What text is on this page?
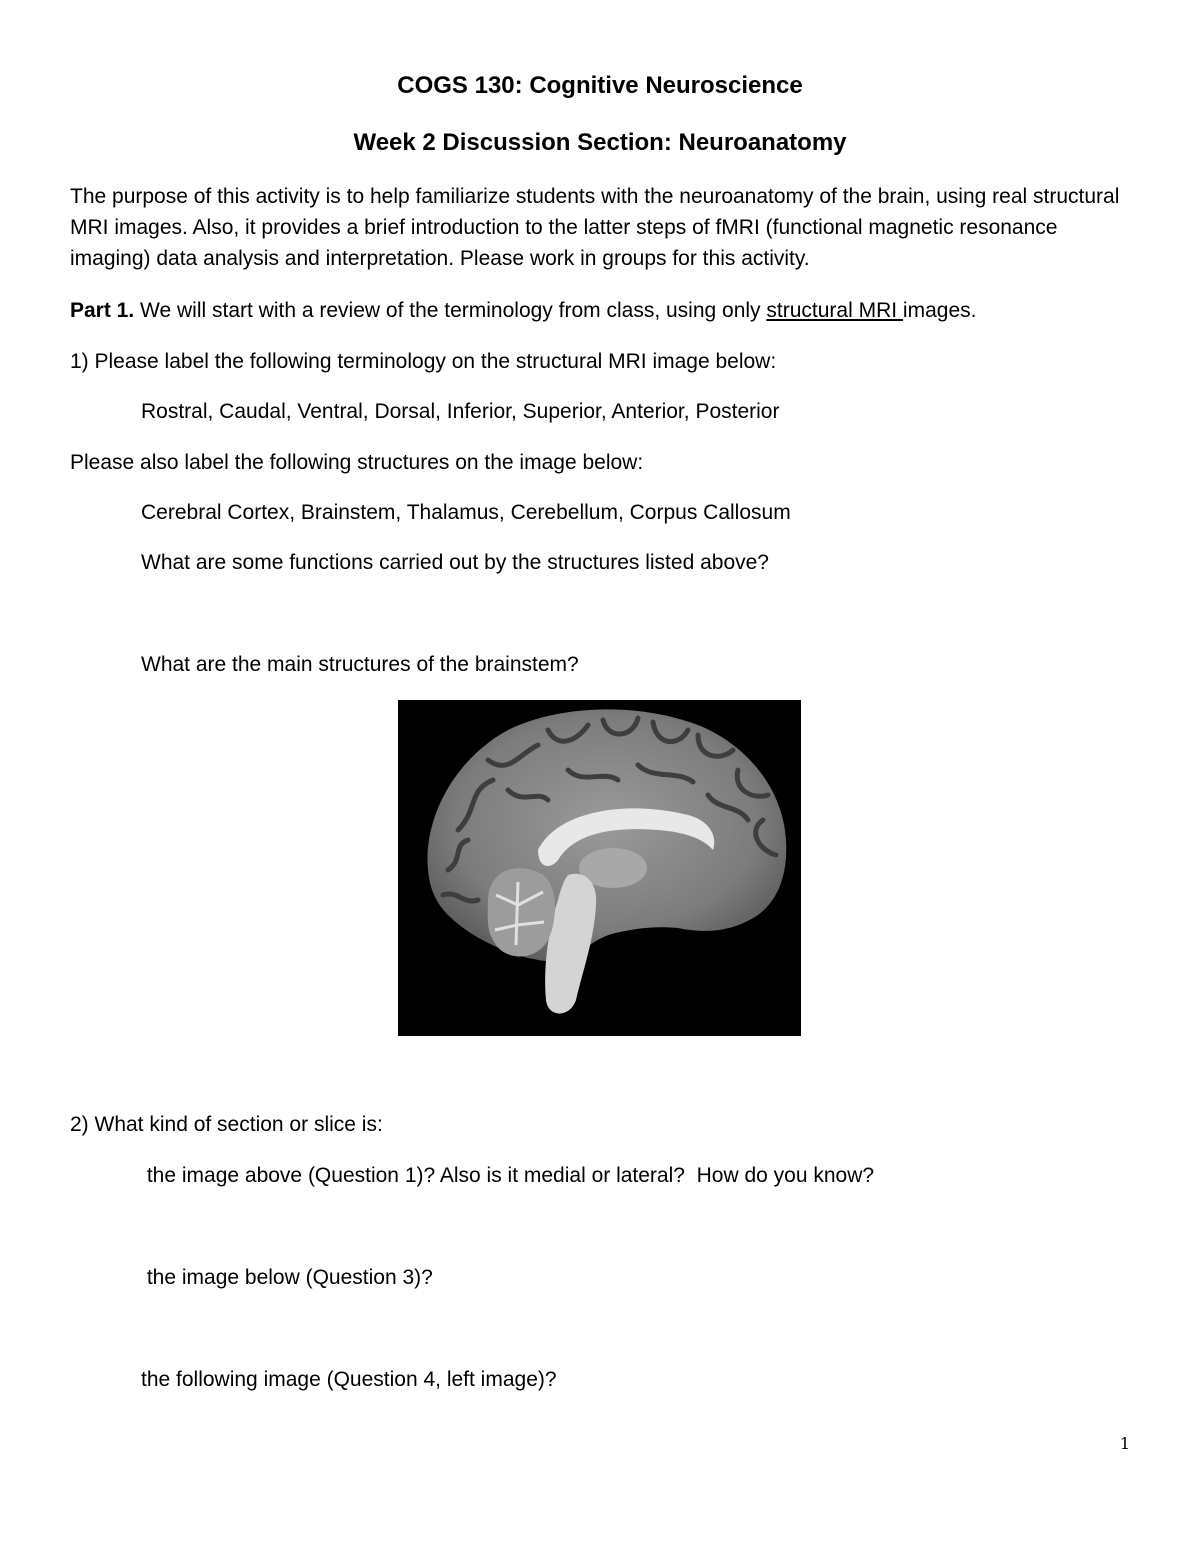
COGS 130: Cognitive Neuroscience
Week 2 Discussion Section: Neuroanatomy
The purpose of this activity is to help familiarize students with the neuroanatomy of the brain, using real structural MRI images. Also, it provides a brief introduction to the latter steps of fMRI (functional magnetic resonance imaging) data analysis and interpretation. Please work in groups for this activity.
Part 1. We will start with a review of the terminology from class, using only structural MRI images.
1) Please label the following terminology on the structural MRI image below:
Rostral, Caudal, Ventral, Dorsal, Inferior, Superior, Anterior, Posterior
Please also label the following structures on the image below:
Cerebral Cortex, Brainstem, Thalamus, Cerebellum, Corpus Callosum
What are some functions carried out by the structures listed above?
What are the main structures of the brainstem?
2) What kind of section or slice is:
the image above (Question 1)? Also is it medial or lateral?  How do you know?
the image below (Question 3)?
the following image (Question 4, left image)?
1
